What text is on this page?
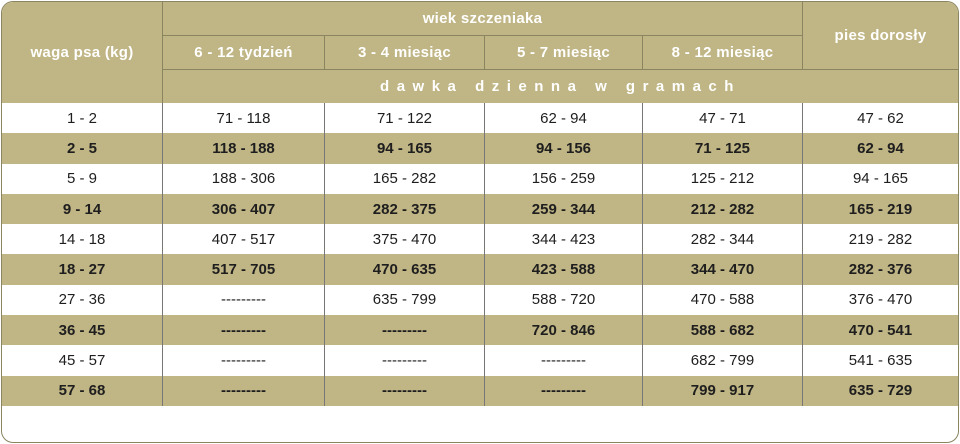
waga psa (kg)
wiek szczeniaka
pies dorosły
6 - 12 tydzień	3 - 4 miesiąc	5 - 7 miesiąc	8 - 12 miesiąc
dawka dzienna w gramach
1 - 2	71 - 118	71 - 122	62 - 94	47 - 71	47 - 62
2 - 5	118 - 188	94 - 165	94 - 156	71 - 125	62 - 94
5 - 9	188 - 306	165 - 282	156 - 259	125 - 212	94 - 165
9 - 14	306 - 407	282 - 375	259 - 344	212 - 282	165 - 219
14 - 18	407 - 517	375 - 470	344 - 423	282 - 344	219 - 282
18 - 27	517 - 705	470 - 635	423 - 588	344 - 470	282 - 376
27 - 36	---------	635 - 799	588 - 720	470 - 588	376 - 470
36 - 45	---------	---------	720 - 846	588 - 682	470 - 541
45 - 57	---------	---------	---------	682 - 799	541 - 635
57 - 68	---------	---------	---------	799 - 917	635 - 729
